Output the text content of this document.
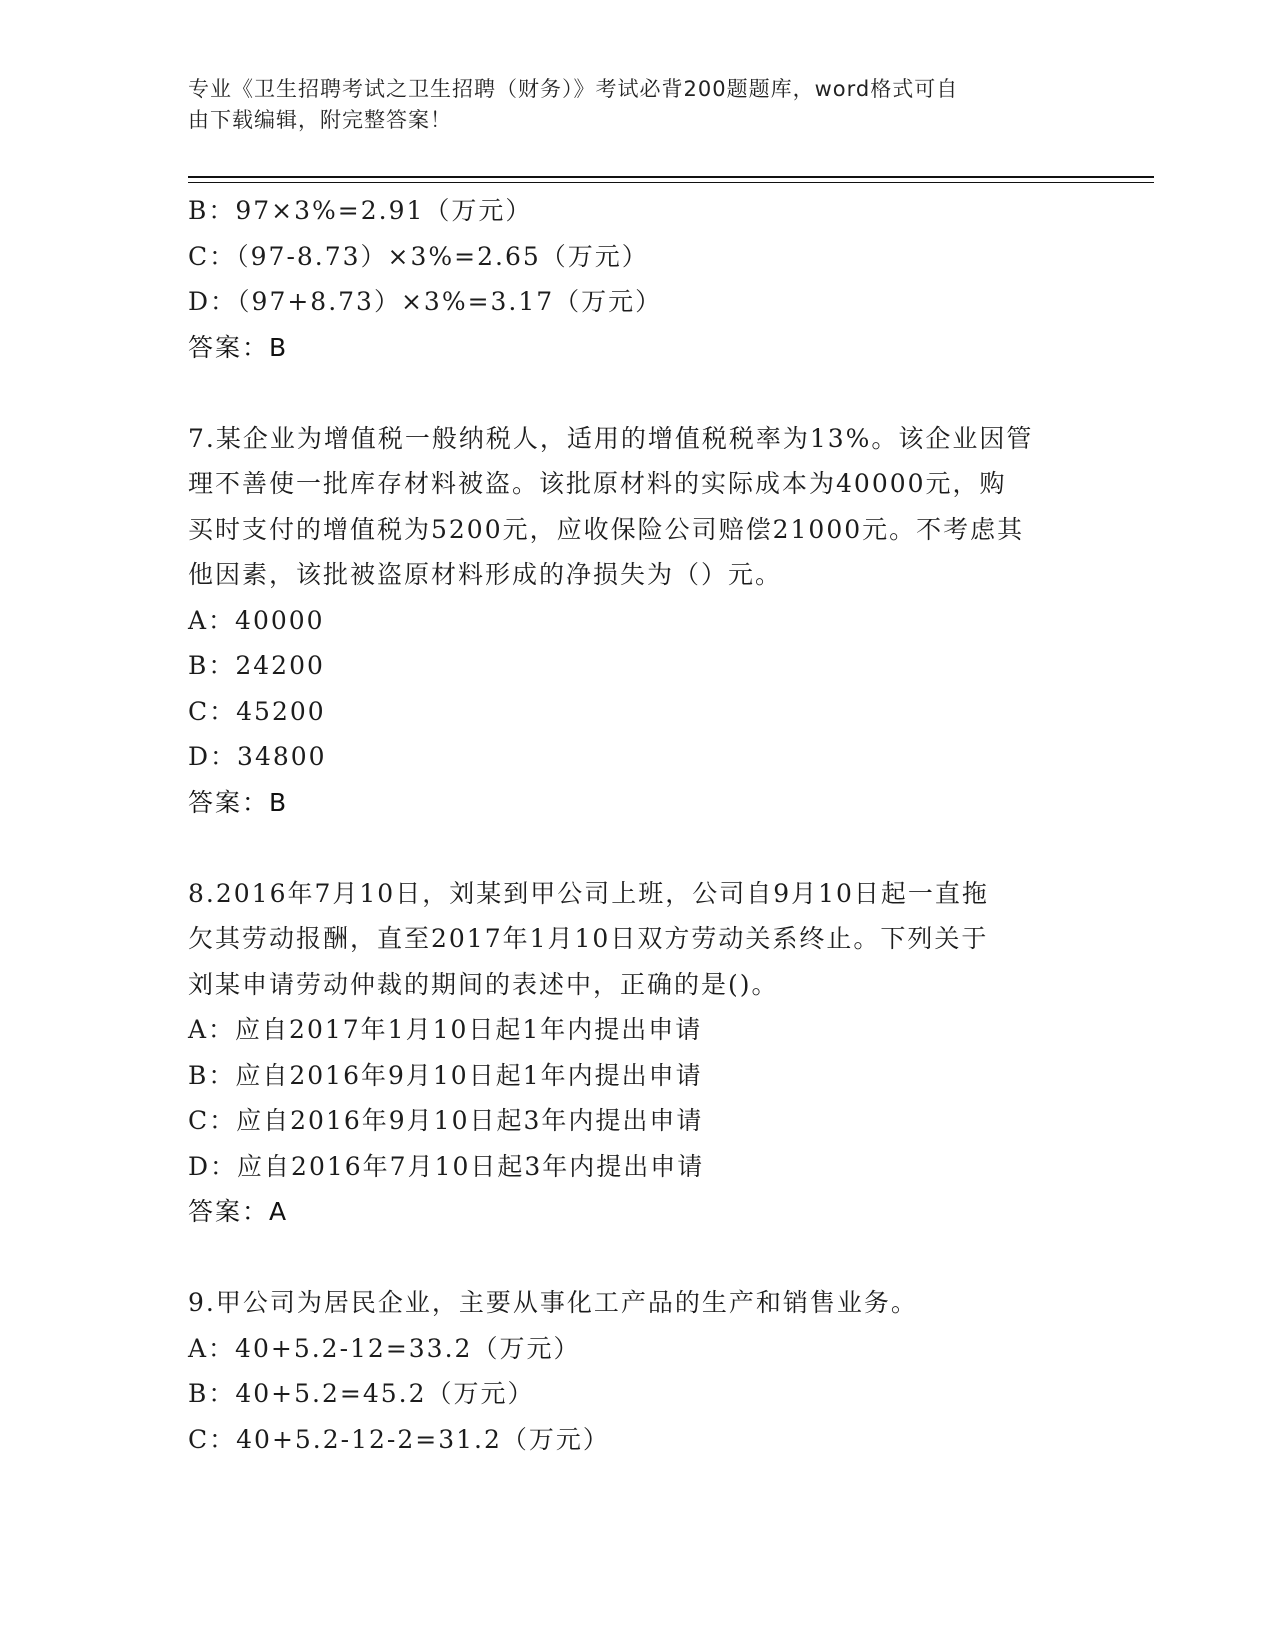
专业《卫生招聘考试之卫生招聘（财务）》考试必背200题题库，word格式可自
由下载编辑，附完整答案！
B：97×3%=2.91（万元）
C：（97-8.73）×3%=2.65（万元）
D：（97+8.73）×3%=3.17（万元）
答案：B
7.某企业为增值税一般纳税人，适用的增值税税率为13%。该企业因管
理不善使一批库存材料被盗。该批原材料的实际成本为40000元，购
买时支付的增值税为5200元，应收保险公司赔偿21000元。不考虑其
他因素，该批被盗原材料形成的净损失为（）元。
A：40000
B：24200
C：45200
D：34800
答案：B
8.2016年7月10日，刘某到甲公司上班，公司自9月10日起一直拖
欠其劳动报酬，直至2017年1月10日双方劳动关系终止。下列关于
刘某申请劳动仲裁的期间的表述中，正确的是()。
A：应自2017年1月10日起1年内提出申请
B：应自2016年9月10日起1年内提出申请
C：应自2016年9月10日起3年内提出申请
D：应自2016年7月10日起3年内提出申请
答案：A
9.甲公司为居民企业，主要从事化工产品的生产和销售业务。
A：40+5.2-12=33.2（万元）
B：40+5.2=45.2（万元）
C：40+5.2-12-2=31.2（万元）
